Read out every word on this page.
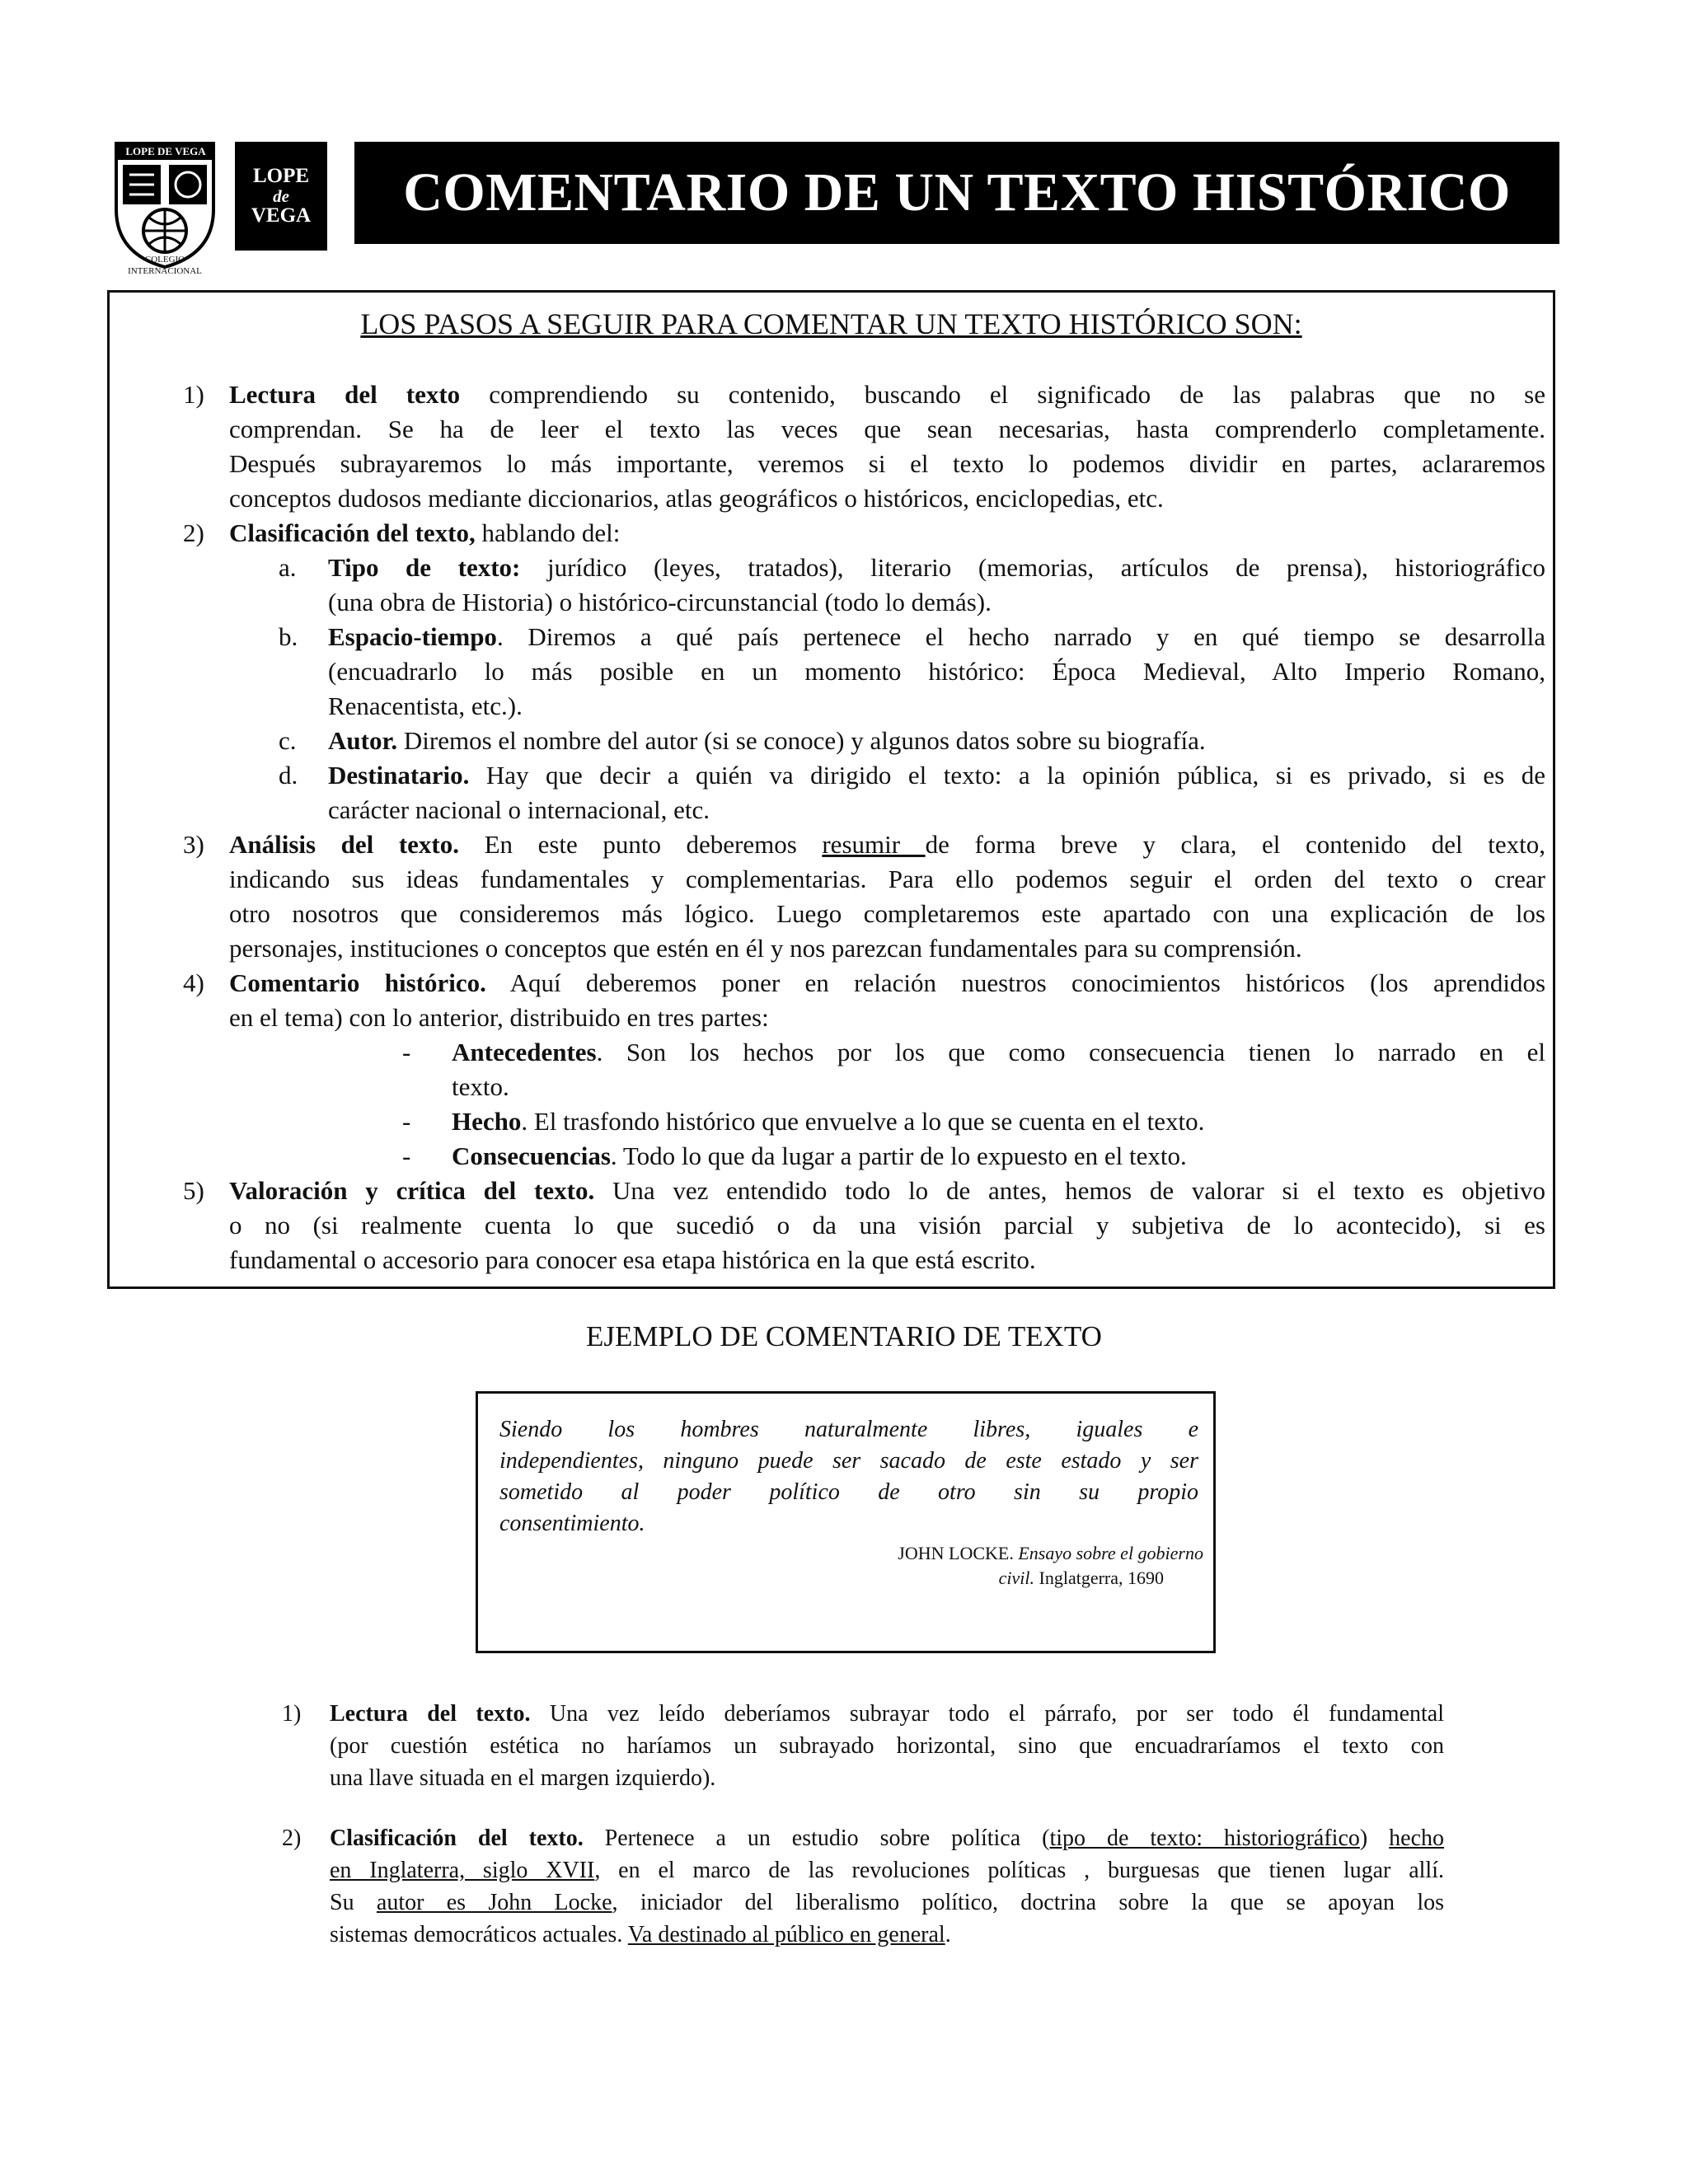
LOPE DE VEGA
COLEGIO INTERNACIONAL
LOPE
de
VEGA COMENTARIO DE UN TEXTO HISTÓRICO
LOS PASOS A SEGUIR PARA COMENTAR UN TEXTO HISTÓRICO SON:
1) Lectura del texto comprendiendo su contenido, buscando el significado de las palabras que no se
comprendan. Se ha de leer el texto las veces que sean necesarias, hasta comprenderlo completamente.
Después subrayaremos lo más importante, veremos si el texto lo podemos dividir en partes, aclararemos
conceptos dudosos mediante diccionarios, atlas geográficos o históricos, enciclopedias, etc.
2) Clasificación del texto, hablando del:
a. Tipo de texto: jurídico (leyes, tratados), literario (memorias, artículos de prensa), historiográfico
(una obra de Historia) o histórico-circunstancial (todo lo demás).
b. Espacio-tiempo. Diremos a qué país pertenece el hecho narrado y en qué tiempo se desarrolla
(encuadrarlo lo más posible en un momento histórico: Época Medieval, Alto Imperio Romano,
Renacentista, etc.).
c. Autor. Diremos el nombre del autor (si se conoce) y algunos datos sobre su biografía.
d. Destinatario. Hay que decir a quién va dirigido el texto: a la opinión pública, si es privado, si es de
carácter nacional o internacional, etc.
3) Análisis del texto. En este punto deberemos resumir de forma breve y clara, el contenido del texto,
indicando sus ideas fundamentales y complementarias. Para ello podemos seguir el orden del texto o crear
otro nosotros que consideremos más lógico. Luego completaremos este apartado con una explicación de los
personajes, instituciones o conceptos que estén en él y nos parezcan fundamentales para su comprensión.
4) Comentario histórico. Aquí deberemos poner en relación nuestros conocimientos históricos (los aprendidos
en el tema) con lo anterior, distribuido en tres partes:
- Antecedentes. Son los hechos por los que como consecuencia tienen lo narrado en el
texto.
- Hecho. El trasfondo histórico que envuelve a lo que se cuenta en el texto.
- Consecuencias. Todo lo que da lugar a partir de lo expuesto en el texto.
5) Valoración y crítica del texto. Una vez entendido todo lo de antes, hemos de valorar si el texto es objetivo
o no (si realmente cuenta lo que sucedió o da una visión parcial y subjetiva de lo acontecido), si es
fundamental o accesorio para conocer esa etapa histórica en la que está escrito.
EJEMPLO DE COMENTARIO DE TEXTO
Siendo los hombres naturalmente libres, iguales e
independientes, ninguno puede ser sacado de este estado y ser
sometido al poder político de otro sin su propio
consentimiento.
JOHN LOCKE. Ensayo sobre el gobierno
civil. Inglatgerra, 1690
1) Lectura del texto. Una vez leído deberíamos subrayar todo el párrafo, por ser todo él fundamental
(por cuestión estética no haríamos un subrayado horizontal, sino que encuadraríamos el texto con
una llave situada en el margen izquierdo).
2) Clasificación del texto. Pertenece a un estudio sobre política (tipo de texto: historiográfico) hecho
en Inglaterra, siglo XVII, en el marco de las revoluciones políticas , burguesas que tienen lugar allí.
Su autor es John Locke, iniciador del liberalismo político, doctrina sobre la que se apoyan los
sistemas democráticos actuales. Va destinado al público en general.
